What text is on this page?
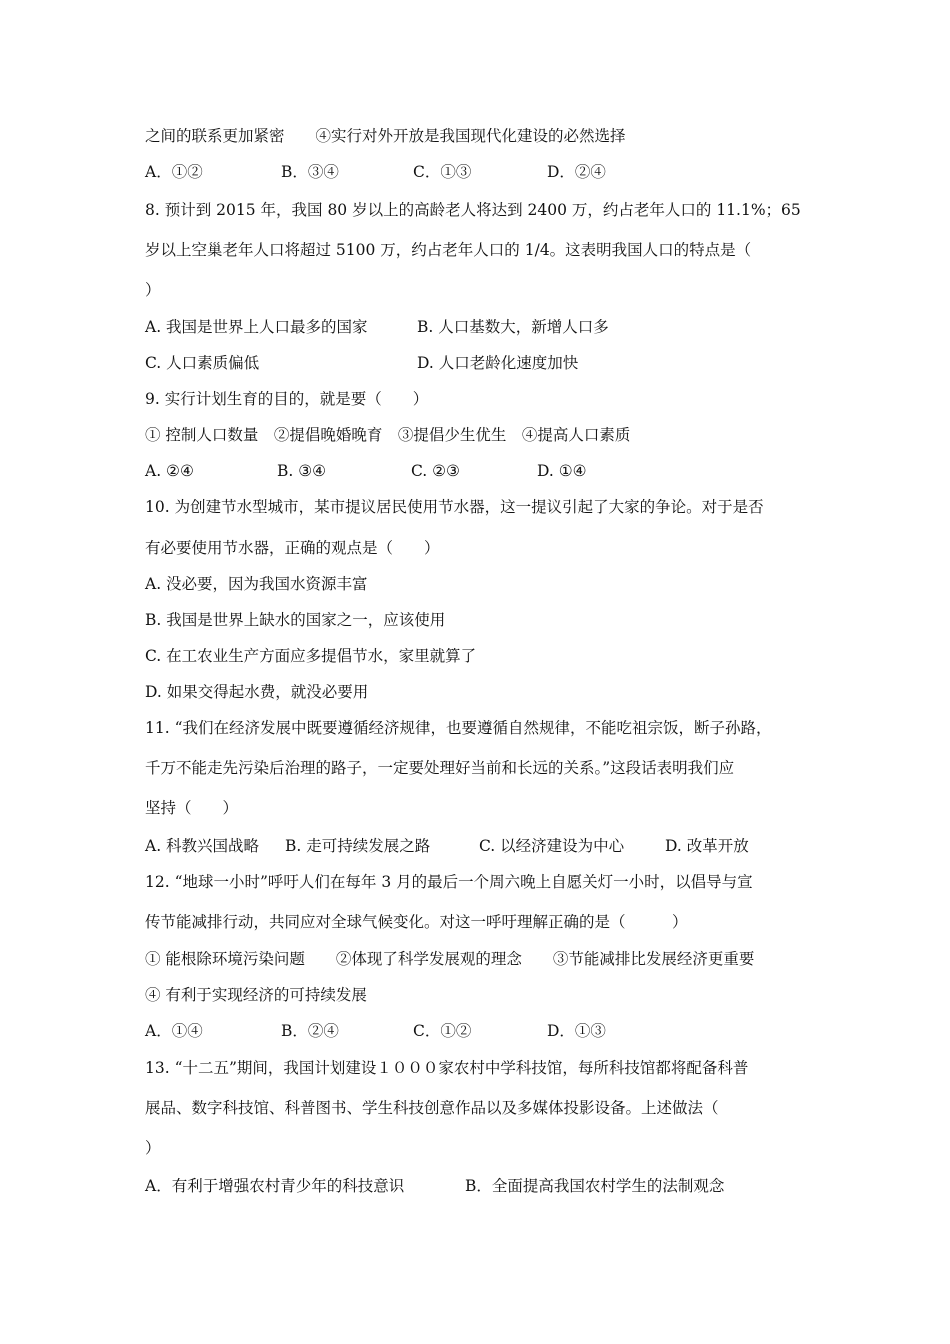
之间的联系更加紧密　　④实行对外开放是我国现代化建设的必然选择

A．①②

	B．③④

	C．①③

	D．②④

8. 预计到 2015 年，我国 80 岁以上的高龄老人将达到 2400 万，约占老年人口的 11.1%；65
岁以上空巢老年人口将超过 5100 万，约占老年人口的 1/4。这表明我国人口的特点是（
）

A. 我国是世界上人口最多的国家

	B. 人口基数大，新增人口多

C. 人口素质偏低

	D. 人口老龄化速度加快

9. 实行计划生育的目的，就是要（　　）
① 控制人口数量　②提倡晚婚晚育　③提倡少生优生　④提高人口素质

A. ②④

	B. ③④

	C. ②③

	D. ①④

10. 为创建节水型城市，某市提议居民使用节水器，这一提议引起了大家的争论。对于是否
有必要使用节水器，正确的观点是（　　）
A. 没必要，因为我国水资源丰富
B. 我国是世界上缺水的国家之一，应该使用
C. 在工农业生产方面应多提倡节水，家里就算了
D. 如果交得起水费，就没必要用
11. “我们在经济发展中既要遵循经济规律，也要遵循自然规律，不能吃祖宗饭，断子孙路，
千万不能走先污染后治理的路子，一定要处理好当前和长远的关系。”这段话表明我们应
坚持（　　）

A. 科教兴国战略

B. 走可持续发展之路

	C. 以经济建设为中心

	D. 改革开放

12. “地球一小时”呼吁人们在每年 3 月的最后一个周六晚上自愿关灯一小时，以倡导与宣
传节能减排行动，共同应对全球气候变化。对这一呼吁理解正确的是（　　　）
① 能根除环境污染问题　　②体现了科学发展观的理念　　③节能减排比发展经济更重要
④ 有利于实现经济的可持续发展

A．①④

	B．②④

	C．①②

	D．①③

13. “十二五”期间，我国计划建设１０００家农村中学科技馆，每所科技馆都将配备科普
展品、数字科技馆、科普图书、学生科技创意作品以及多媒体投影设备。上述做法（
）

A．有利于增强农村青少年的科技意识

	B．全面提高我国农村学生的法制观念
